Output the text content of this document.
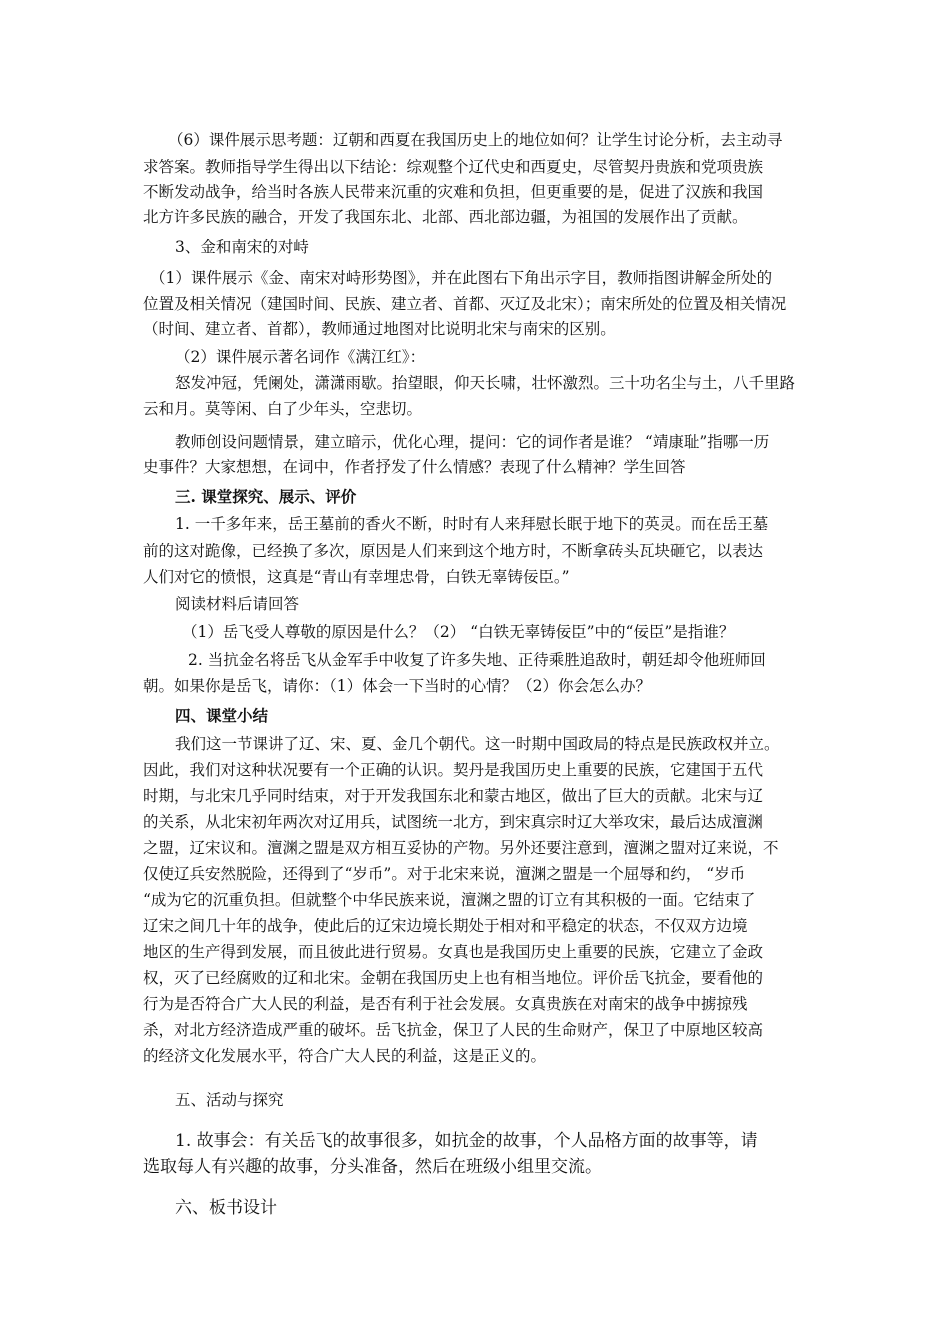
（6）课件展示思考题：辽朝和西夏在我国历史上的地位如何？让学生讨论分析，去主动寻
求答案。教师指导学生得出以下结论：综观整个辽代史和西夏史，尽管契丹贵族和党项贵族
不断发动战争，给当时各族人民带来沉重的灾难和负担，但更重要的是，促进了汉族和我国
北方许多民族的融合，开发了我国东北、北部、西北部边疆，为祖国的发展作出了贡献。
3、金和南宋的对峙
（1）课件展示《金、南宋对峙形势图》，并在此图右下角出示字目，教师指图讲解金所处的
位置及相关情况（建国时间、民族、建立者、首都、灭辽及北宋）；南宋所处的位置及相关情况
（时间、建立者、首都），教师通过地图对比说明北宋与南宋的区别。
（2）课件展示著名词作《满江红》：
怒发冲冠，凭阑处，潇潇雨歇。抬望眼，仰天长啸，壮怀激烈。三十功名尘与土，八千里路
云和月。莫等闲、白了少年头，空悲切。
教师创设问题情景，建立暗示，优化心理，提问：它的词作者是谁？ “靖康耻”指哪一历
史事件？大家想想，在词中，作者抒发了什么情感？表现了什么精神？学生回答
三. 课堂探究、展示、评价
1. 一千多年来，岳王墓前的香火不断，时时有人来拜慰长眠于地下的英灵。而在岳王墓
前的这对跪像，已经换了多次，原因是人们来到这个地方时，不断拿砖头瓦块砸它，以表达
人们对它的愤恨，这真是“青山有幸埋忠骨，白铁无辜铸佞臣。”
阅读材料后请回答
（1）岳飞受人尊敬的原因是什么？（2） “白铁无辜铸佞臣”中的“佞臣”是指谁？
2. 当抗金名将岳飞从金军手中收复了许多失地、正待乘胜追敌时，朝廷却令他班师回
朝。如果你是岳飞，请你：（1）体会一下当时的心情？（2）你会怎么办？
四、课堂小结
我们这一节课讲了辽、宋、夏、金几个朝代。这一时期中国政局的特点是民族政权并立。
因此，我们对这种状况要有一个正确的认识。契丹是我国历史上重要的民族，它建国于五代
时期，与北宋几乎同时结束，对于开发我国东北和蒙古地区，做出了巨大的贡献。北宋与辽
的关系，从北宋初年两次对辽用兵，试图统一北方，到宋真宗时辽大举攻宋，最后达成澶渊
之盟，辽宋议和。澶渊之盟是双方相互妥协的产物。另外还要注意到，澶渊之盟对辽来说，不
仅使辽兵安然脱险，还得到了“岁币”。对于北宋来说，澶渊之盟是一个屈辱和约， “岁币
“成为它的沉重负担。但就整个中华民族来说，澶渊之盟的订立有其积极的一面。它结束了
辽宋之间几十年的战争，使此后的辽宋边境长期处于相对和平稳定的状态，不仅双方边境
地区的生产得到发展，而且彼此进行贸易。女真也是我国历史上重要的民族，它建立了金政
权，灭了已经腐败的辽和北宋。金朝在我国历史上也有相当地位。评价岳飞抗金，要看他的
行为是否符合广大人民的利益，是否有利于社会发展。女真贵族在对南宋的战争中掳掠残
杀，对北方经济造成严重的破坏。岳飞抗金，保卫了人民的生命财产，保卫了中原地区较高
的经济文化发展水平，符合广大人民的利益，这是正义的。
五、活动与探究
1. 故事会：有关岳飞的故事很多，如抗金的故事，个人品格方面的故事等，请
选取每人有兴趣的故事，分头准备，然后在班级小组里交流。
六、板书设计
